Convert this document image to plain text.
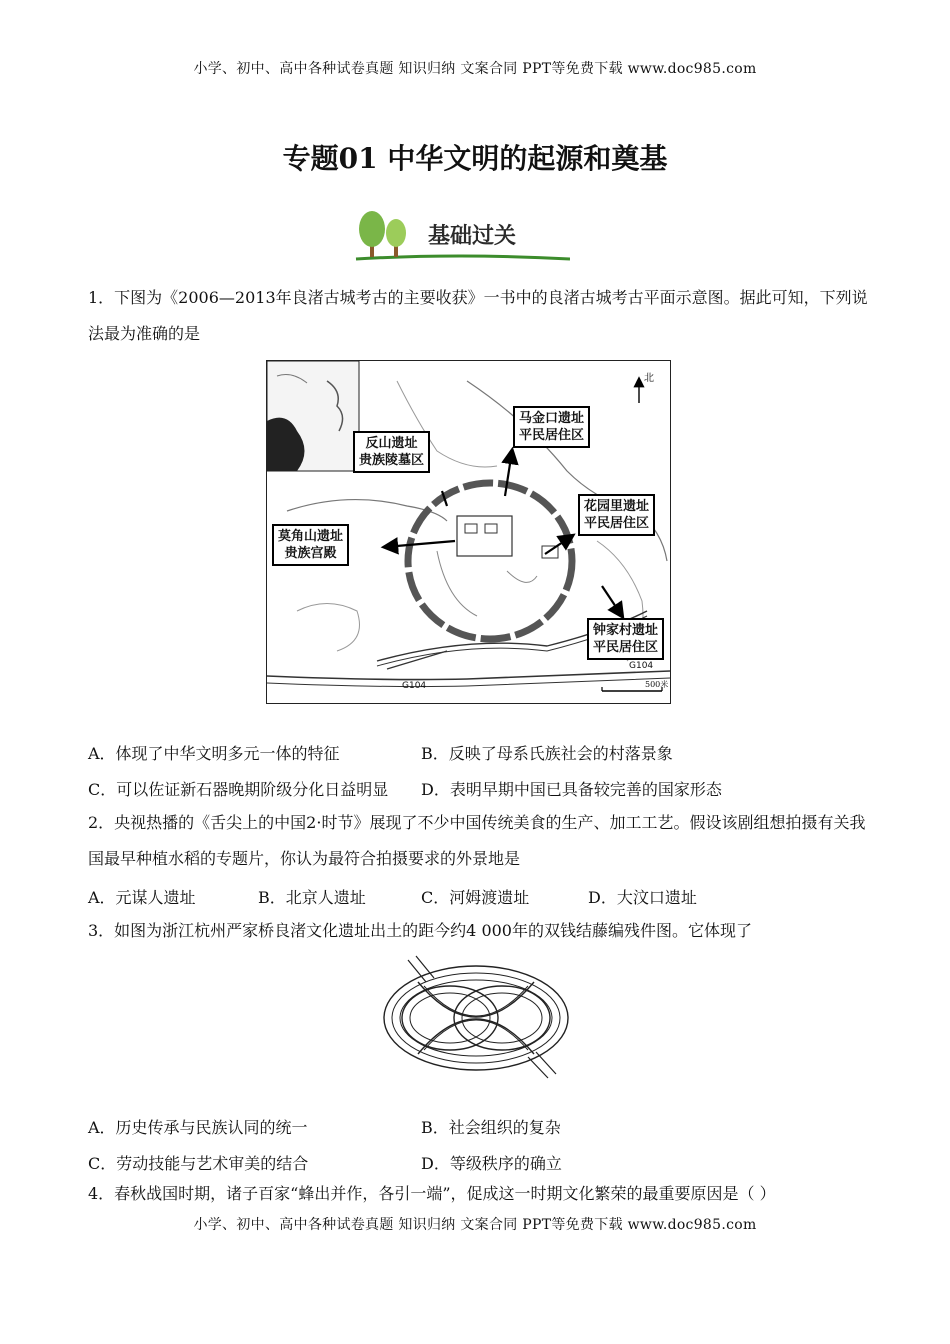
小学、初中、高中各种试卷真题 知识归纳 文案合同 PPT等免费下载 www.doc985.com
专题01 中华文明的起源和奠基
基础过关
1．下图为《2006—2013年良渚古城考古的主要收获》一书中的良渚古城考古平面示意图。据此可知，下列说法最为准确的是
反山遗址
贵族陵墓区
马金口遗址
平民居住区
花园里遗址
平民居住区
莫角山遗址
贵族宫殿
钟家村遗址
平民居住区
北
G104
G104
500米
A．体现了中华文明多元一体的特征	B．反映了母系氏族社会的村落景象
C．可以佐证新石器晚期阶级分化日益明显 D．表明早期中国已具备较完善的国家形态
2．央视热播的《舌尖上的中国2·时节》展现了不少中国传统美食的生产、加工工艺。假设该剧组想拍摄有关我国最早种植水稻的专题片，你认为最符合拍摄要求的外景地是
A．元谋人遗址	B．北京人遗址	C．河姆渡遗址	D．大汶口遗址
3．如图为浙江杭州严家桥良渚文化遗址出土的距今约4 000年的双钱结藤编残件图。它体现了
A．历史传承与民族认同的统一	B．社会组织的复杂
C．劳动技能与艺术审美的结合	D．等级秩序的确立
4．春秋战国时期，诸子百家“蜂出并作，各引一端”，促成这一时期文化繁荣的最重要原因是（ ）
小学、初中、高中各种试卷真题 知识归纳 文案合同 PPT等免费下载 www.doc985.com
